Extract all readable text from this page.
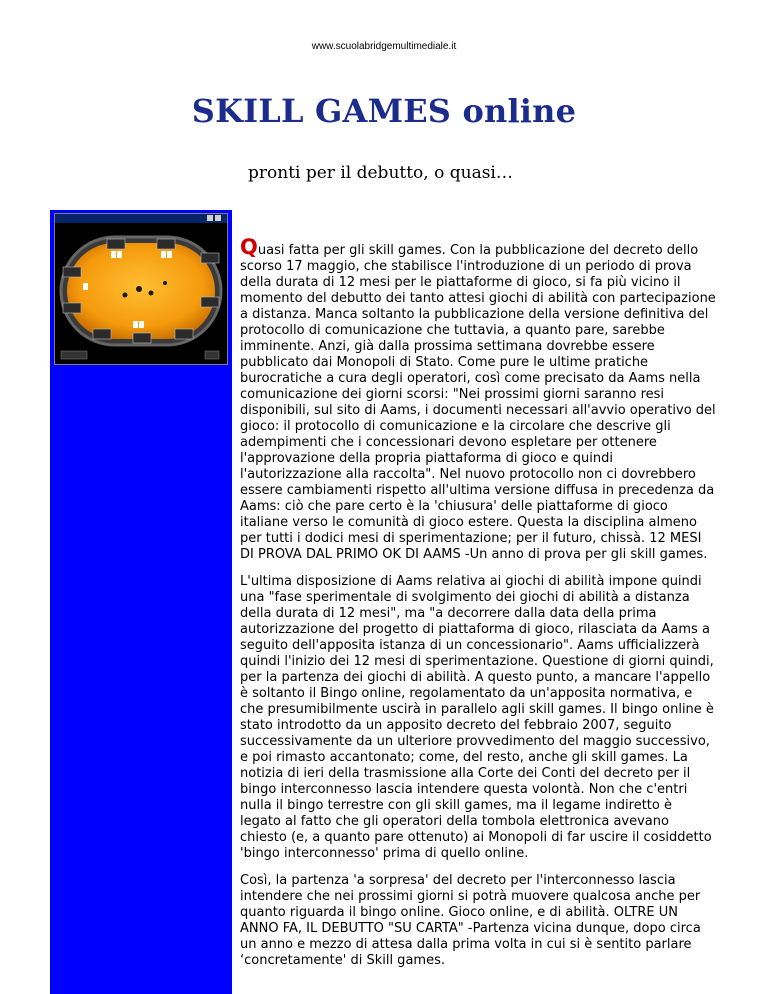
www.scuolabridgemultimediale.it
SKILL GAMES online

pronti per il debutto, o quasi…

Quasi fatta per gli skill games. Con la pubblicazione del decreto dello scorso 17 maggio, che stabilisce l'introduzione di un periodo di prova della durata di 12 mesi per le piattaforme di gioco, si fa più vicino il momento del debutto dei tanto attesi giochi di abilità con partecipazione a distanza. Manca soltanto la pubblicazione della versione definitiva del protocollo di comunicazione che tuttavia, a quanto pare, sarebbe imminente. Anzi, già dalla prossima settimana dovrebbe essere pubblicato dai Monopoli di Stato. Come pure le ultime pratiche burocratiche a cura degli operatori, così come precisato da Aams nella comunicazione dei giorni scorsi: "Nei prossimi giorni saranno resi disponibili, sul sito di Aams, i documenti necessari all'avvio operativo del gioco: il protocollo di comunicazione e la circolare che descrive gli adempimenti che i concessionari devono espletare per ottenere l'approvazione della propria piattaforma di gioco e quindi l'autorizzazione alla raccolta". Nel nuovo protocollo non ci dovrebbero essere cambiamenti rispetto all'ultima versione diffusa in precedenza da Aams: ciò che pare certo è la 'chiusura' delle piattaforme di gioco italiane verso le comunità di gioco estere. Questa la disciplina almeno per tutti i dodici mesi di sperimentazione; per il futuro, chissà. 12 MESI DI PROVA DAL PRIMO OK DI AAMS -Un anno di prova per gli skill games.

L'ultima disposizione di Aams relativa ai giochi di abilità impone quindi una "fase sperimentale di svolgimento dei giochi di abilità a distanza della durata di 12 mesi", ma "a decorrere dalla data della prima autorizzazione del progetto di piattaforma di gioco, rilasciata da Aams a seguito dell'apposita istanza di un concessionario". Aams ufficializzerà quindi l'inizio dei 12 mesi di sperimentazione. Questione di giorni quindi, per la partenza dei giochi di abilità. A questo punto, a mancare l'appello è soltanto il Bingo online, regolamentato da un'apposita normativa, e che presumibilmente uscirà in parallelo agli skill games. Il bingo online è stato introdotto da un apposito decreto del febbraio 2007, seguito successivamente da un ulteriore provvedimento del maggio successivo, e poi rimasto accantonato; come, del resto, anche gli skill games. La notizia di ieri della trasmissione alla Corte dei Conti del decreto per il bingo interconnesso lascia intendere questa volontà. Non che c'entri nulla il bingo terrestre con gli skill games, ma il legame indiretto è legato al fatto che gli operatori della tombola elettronica avevano chiesto (e, a quanto pare ottenuto) ai Monopoli di far uscire il cosiddetto 'bingo interconnesso' prima di quello online.

Così, la partenza 'a sorpresa' del decreto per l'interconnesso lascia intendere che nei prossimi giorni si potrà muovere qualcosa anche per quanto riguarda il bingo online. Gioco online, e di abilità. OLTRE UN ANNO FA, IL DEBUTTO "SU CARTA" -Partenza vicina dunque, dopo circa un anno e mezzo di attesa dalla prima volta in cui si è sentito parlare ‘concretamente' di Skill games.
